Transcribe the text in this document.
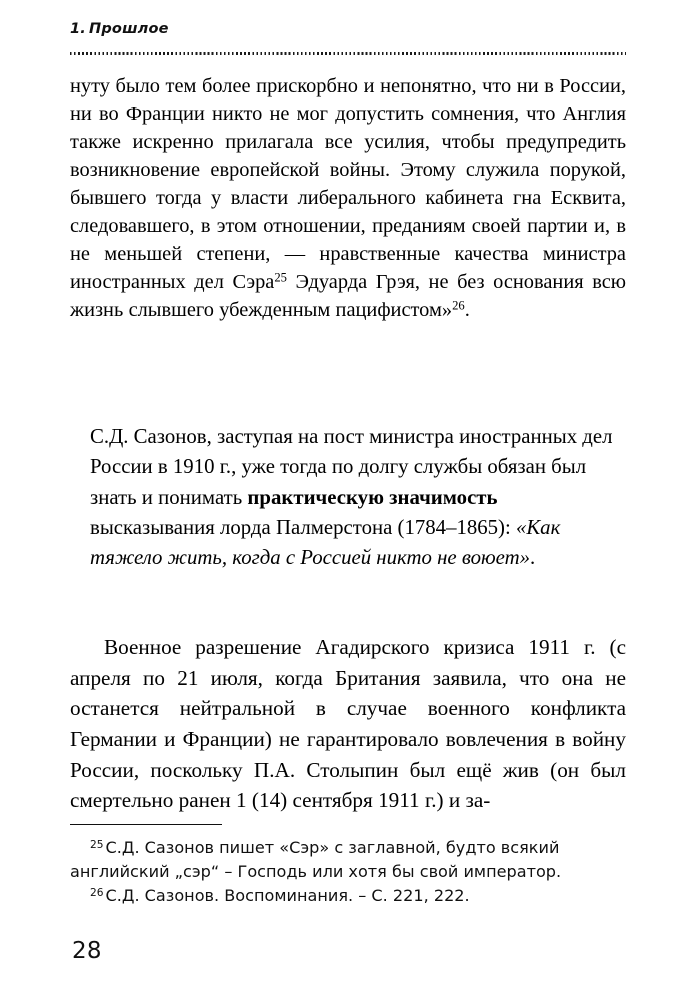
1. Прошлое

нуту было тем более прискорбно и непонятно, что ни в России, ни во Франции никто не мог допустить сомнения, что Англия также искренно прилагала все усилия, чтобы предупредить возникновение европейской войны. Этому служила порукой, бывшего тогда у власти либерального кабинета гна Есквита, следовавшего, в этом отношении, преданиям своей партии и, в не меньшей степени, — нравственные качества министра иностранных дел Сэра$^{25}$ Эдуарда Грэя, не без основания всю жизнь слывшего убежденным пацифистом»$^{26}$.

С.Д. Сазонов, заступая на пост министра иностранных дел России в 1910 г., уже тогда по долгу службы обязан был знать и понимать практическую значимость высказывания лорда Палмерстона (1784–1865): «Как тяжело жить, когда с Россией никто не воюет».

Военное разрешение Агадирского кризиса 1911 г. (с апреля по 21 июля, когда Британия заявила, что она не останется нейтральной в случае военного конфликта Германии и Франции) не гарантировало вовлечения в войну России, поскольку П.А. Столыпин был ещё жив (он был смертельно ранен 1 (14) сентября 1911 г.) и за-

$^{25}$ С.Д. Сазонов пишет «Сэр» с заглавной, будто всякий английский „сэр“ – Господь или хотя бы свой император.

$^{26}$ С.Д. Сазонов. Воспоминания. – С. 221, 222.

28
